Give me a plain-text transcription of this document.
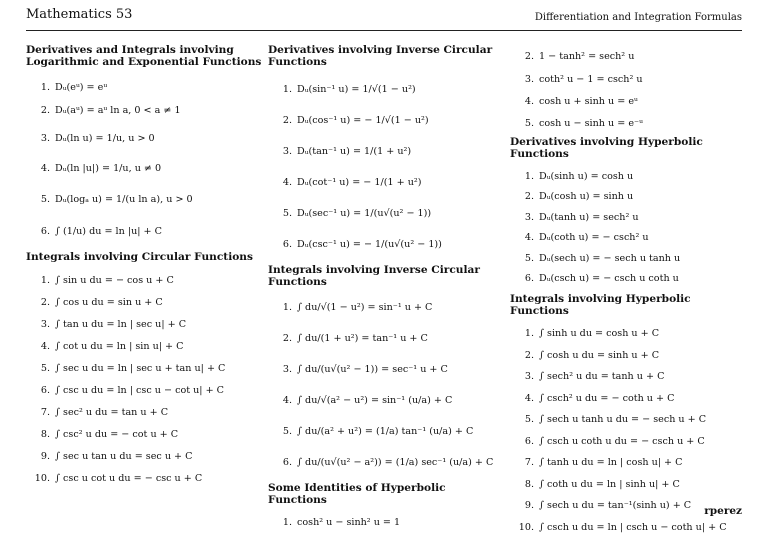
Mathematics 53	Differentiation and Integration Formulas
Derivatives and Integrals involving Logarithmic and Exponential Functions
1. Dᵤ(eᵘ) = eᵘ
2. Dᵤ(aᵘ) = aᵘ ln a, 0 < a ≠ 1
3. Dᵤ(ln u) = 1/u, u > 0
4. Dᵤ(ln |u|) = 1/u, u ≠ 0
5. Dᵤ(logₐ u) = 1/(u ln a), u > 0
6. ∫ (1/u) du = ln |u| + C
Integrals involving Circular Functions
1. ∫ sin u du = − cos u + C
2. ∫ cos u du = sin u + C
3. ∫ tan u du = ln | sec u| + C
4. ∫ cot u du = ln | sin u| + C
5. ∫ sec u du = ln | sec u + tan u| + C
6. ∫ csc u du = ln | csc u − cot u| + C
7. ∫ sec² u du = tan u + C
8. ∫ csc² u du = − cot u + C
9. ∫ sec u tan u du = sec u + C
10. ∫ csc u cot u du = − csc u + C
Derivatives involving Inverse Circular Functions
1. Dᵤ(sin⁻¹ u) = 1/√(1 − u²)
2. Dᵤ(cos⁻¹ u) = − 1/√(1 − u²)
3. Dᵤ(tan⁻¹ u) = 1/(1 + u²)
4. Dᵤ(cot⁻¹ u) = − 1/(1 + u²)
5. Dᵤ(sec⁻¹ u) = 1/(u√(u² − 1))
6. Dᵤ(csc⁻¹ u) = − 1/(u√(u² − 1))
Integrals involving Inverse Circular Functions
1. ∫ du/√(1 − u²) = sin⁻¹ u + C
2. ∫ du/(1 + u²) = tan⁻¹ u + C
3. ∫ du/(u√(u² − 1)) = sec⁻¹ u + C
4. ∫ du/√(a² − u²) = sin⁻¹ (u/a) + C
5. ∫ du/(a² + u²) = (1/a) tan⁻¹ (u/a) + C
6. ∫ du/(u√(u² − a²)) = (1/a) sec⁻¹ (u/a) + C
Some Identities of Hyperbolic Functions
1. cosh² u − sinh² u = 1
2. 1 − tanh² = sech² u
3. coth² u − 1 = csch² u
4. cosh u + sinh u = eᵘ
5. cosh u − sinh u = e⁻ᵘ
Derivatives involving Hyperbolic Functions
1. Dᵤ(sinh u) = cosh u
2. Dᵤ(cosh u) = sinh u
3. Dᵤ(tanh u) = sech² u
4. Dᵤ(coth u) = − csch² u
5. Dᵤ(sech u) = − sech u tanh u
6. Dᵤ(csch u) = − csch u coth u
Integrals involving Hyperbolic Functions
1. ∫ sinh u du = cosh u + C
2. ∫ cosh u du = sinh u + C
3. ∫ sech² u du = tanh u + C
4. ∫ csch² u du = − coth u + C
5. ∫ sech u tanh u du = − sech u + C
6. ∫ csch u coth u du = − csch u + C
7. ∫ tanh u du = ln | cosh u| + C
8. ∫ coth u du = ln | sinh u| + C
9. ∫ sech u du = tan⁻¹(sinh u) + C
10. ∫ csch u du = ln | csch u − coth u| + C
rperez
